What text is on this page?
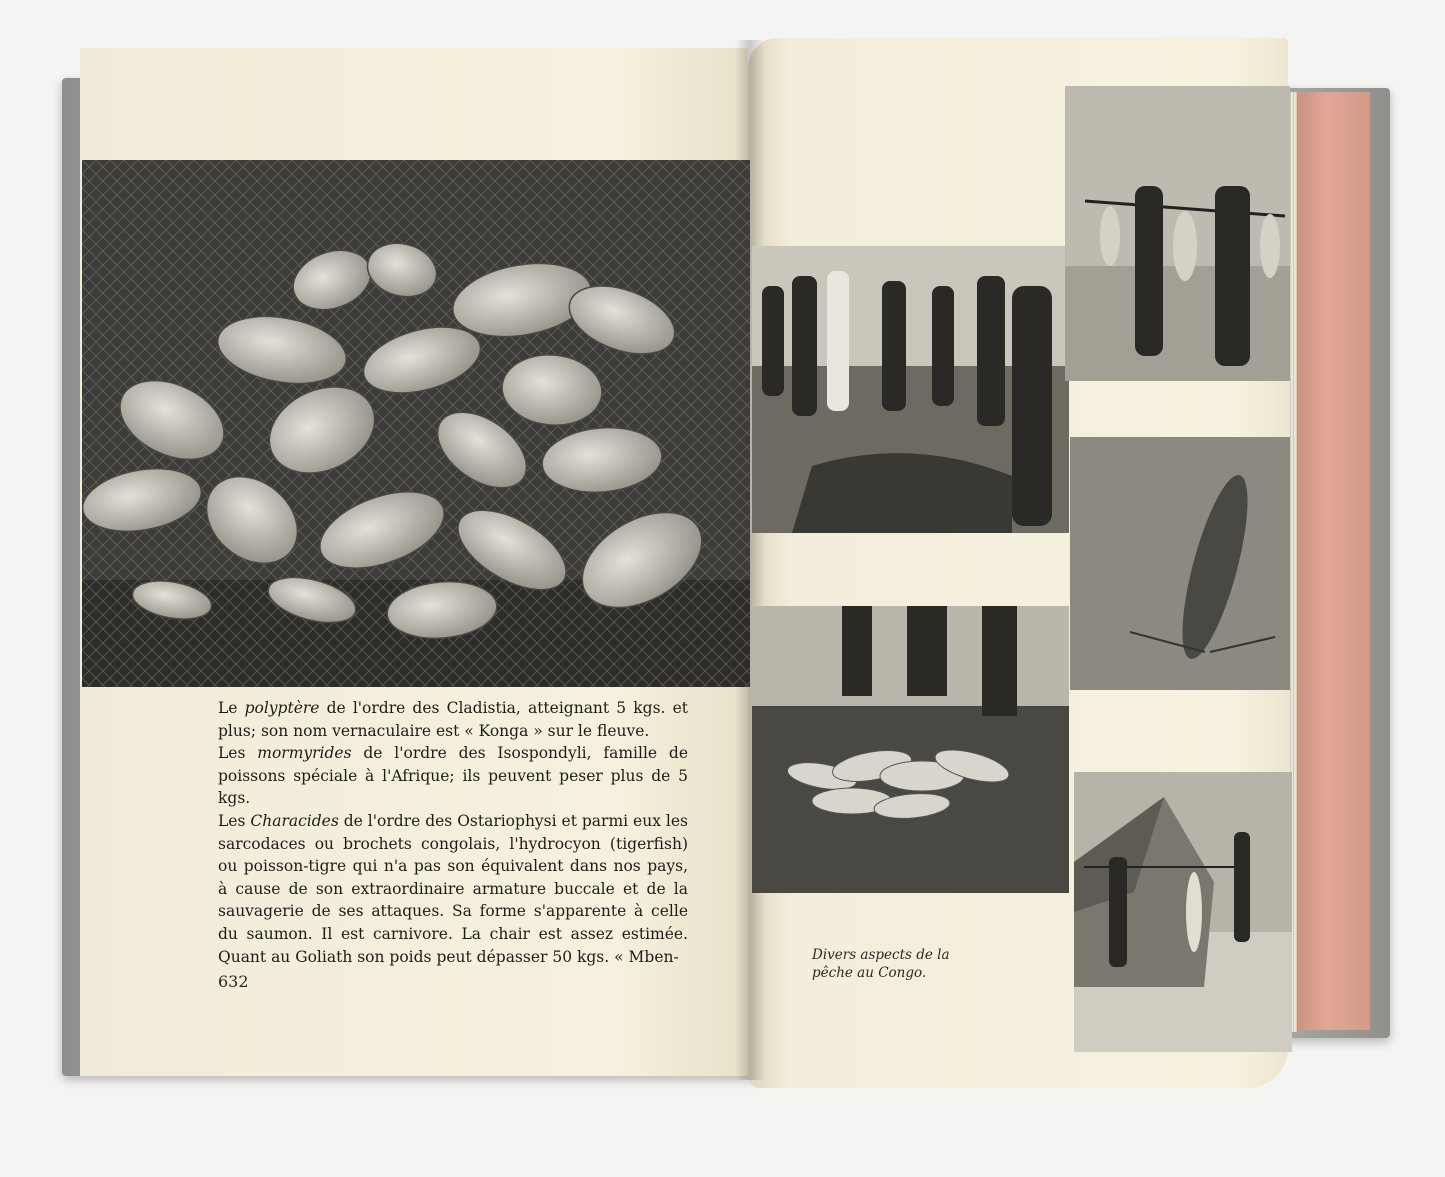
Le polyptère de l'ordre des Cladistia, atteignant 5 kgs. et plus; son nom vernaculaire est « Konga » sur le fleuve.

Les mormyrides de l'ordre des Isospondyli, famille de poissons spéciale à l'Afrique; ils peuvent peser plus de 5 kgs.

Les Characides de l'ordre des Ostariophysi et parmi eux les sarcodaces ou brochets congolais, l'hydrocyon (tigerfish) ou poisson-tigre qui n'a pas son équivalent dans nos pays, à cause de son extraordinaire armature buccale et de la sauvagerie de ses attaques. Sa forme s'apparente à celle du saumon. Il est carnivore. La chair est assez estimée. Quant au Goliath son poids peut dépasser 50 kgs. « Mben-

632
Divers aspects de la pêche au Congo.
